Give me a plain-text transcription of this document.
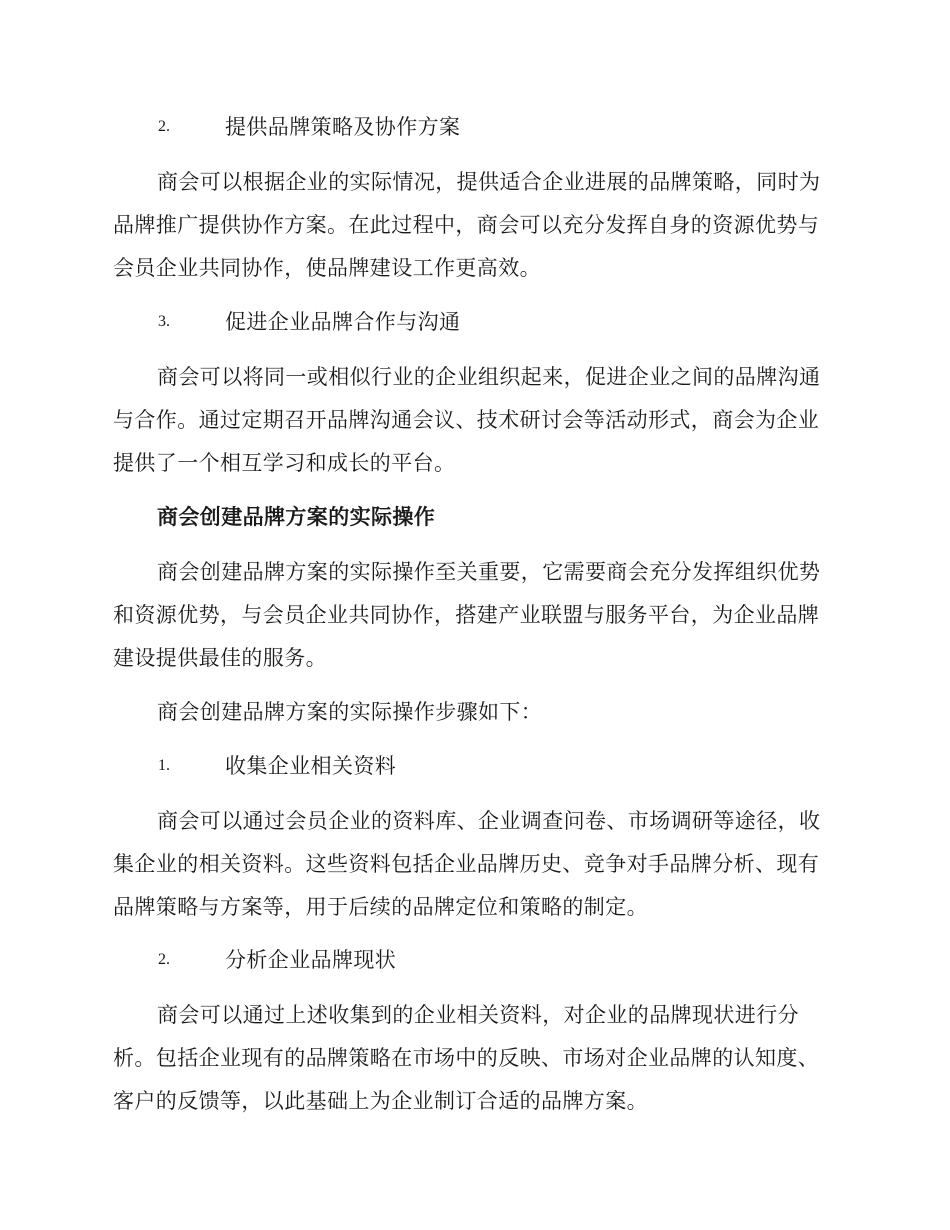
2.	提供品牌策略及协作方案
商会可以根据企业的实际情况，提供适合企业进展的品牌策略，同时为
品牌推广提供协作方案。在此过程中，商会可以充分发挥自身的资源优势与
会员企业共同协作，使品牌建设工作更高效。
3.	促进企业品牌合作与沟通
商会可以将同一或相似行业的企业组织起来，促进企业之间的品牌沟通
与合作。通过定期召开品牌沟通会议、技术研讨会等活动形式，商会为企业
提供了一个相互学习和成长的平台。
商会创建品牌方案的实际操作
商会创建品牌方案的实际操作至关重要，它需要商会充分发挥组织优势
和资源优势，与会员企业共同协作，搭建产业联盟与服务平台，为企业品牌
建设提供最佳的服务。
商会创建品牌方案的实际操作步骤如下：
1.	收集企业相关资料
商会可以通过会员企业的资料库、企业调查问卷、市场调研等途径，收
集企业的相关资料。这些资料包括企业品牌历史、竞争对手品牌分析、现有
品牌策略与方案等，用于后续的品牌定位和策略的制定。
2.	分析企业品牌现状
商会可以通过上述收集到的企业相关资料，对企业的品牌现状进行分
析。包括企业现有的品牌策略在市场中的反映、市场对企业品牌的认知度、
客户的反馈等，以此基础上为企业制订合适的品牌方案。
